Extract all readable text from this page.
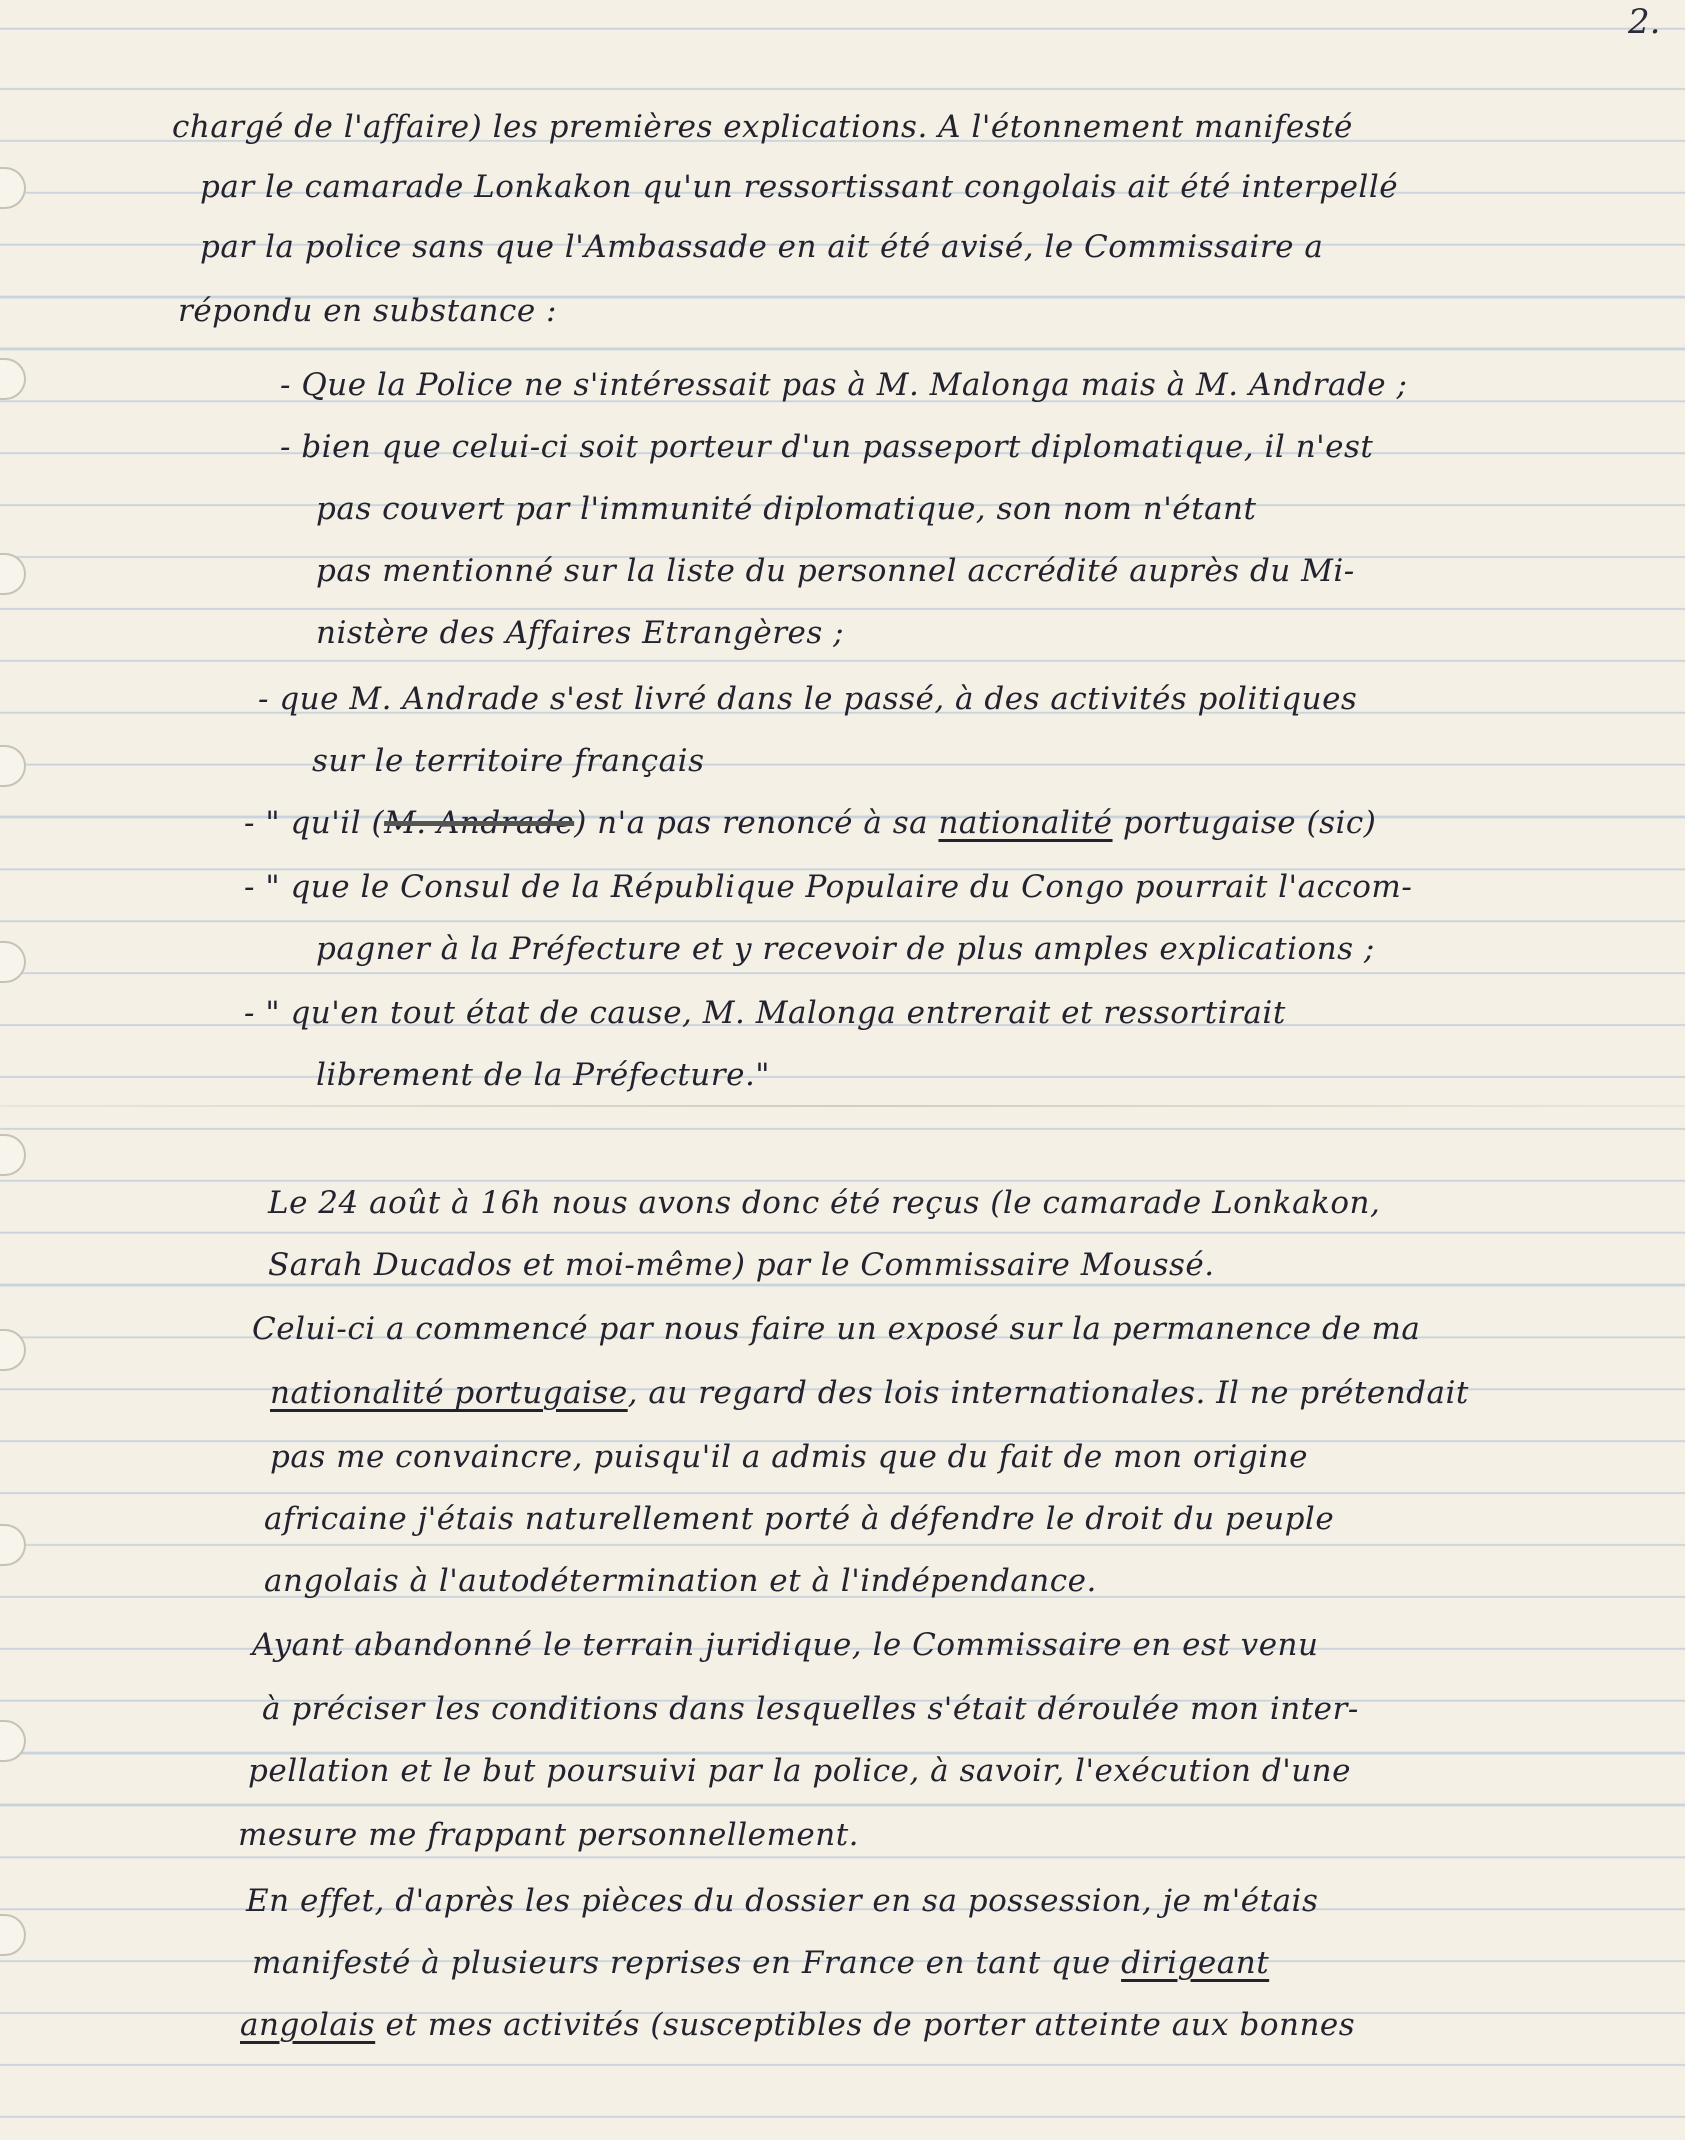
2.
chargé de l'affaire) les premières explications. A l'étonnement manifesté
par le camarade Lonkakon qu'un ressortissant congolais ait été interpellé
par la police sans que l'Ambassade en ait été avisé, le Commissaire a
répondu en substance :
- Que la Police ne s'intéressait pas à M. Malonga mais à M. Andrade ;
- bien que celui-ci soit porteur d'un passeport diplomatique, il n'est
pas couvert par l'immunité diplomatique, son nom n'étant
pas mentionné sur la liste du personnel accrédité auprès du Mi-
nistère des Affaires Etrangères ;
- que M. Andrade s'est livré dans le passé, à des activités politiques
sur le territoire français
- " qu'il (M. Andrade) n'a pas renoncé à sa nationalité portugaise (sic)
- " que le Consul de la République Populaire du Congo pourrait l'accom-
pagner à la Préfecture et y recevoir de plus amples explications ;
- " qu'en tout état de cause, M. Malonga entrerait et ressortirait
librement de la Préfecture."
Le 24 août à 16h nous avons donc été reçus (le camarade Lonkakon,
Sarah Ducados et moi-même) par le Commissaire Moussé.
Celui-ci a commencé par nous faire un exposé sur la permanence de ma
nationalité portugaise, au regard des lois internationales. Il ne prétendait
pas me convaincre, puisqu'il a admis que du fait de mon origine
africaine j'étais naturellement porté à défendre le droit du peuple
angolais à l'autodétermination et à l'indépendance.
Ayant abandonné le terrain juridique, le Commissaire en est venu
à préciser les conditions dans lesquelles s'était déroulée mon inter-
pellation et le but poursuivi par la police, à savoir, l'exécution d'une
mesure me frappant personnellement.
En effet, d'après les pièces du dossier en sa possession, je m'étais
manifesté à plusieurs reprises en France en tant que dirigeant
angolais et mes activités (susceptibles de porter atteinte aux bonnes
